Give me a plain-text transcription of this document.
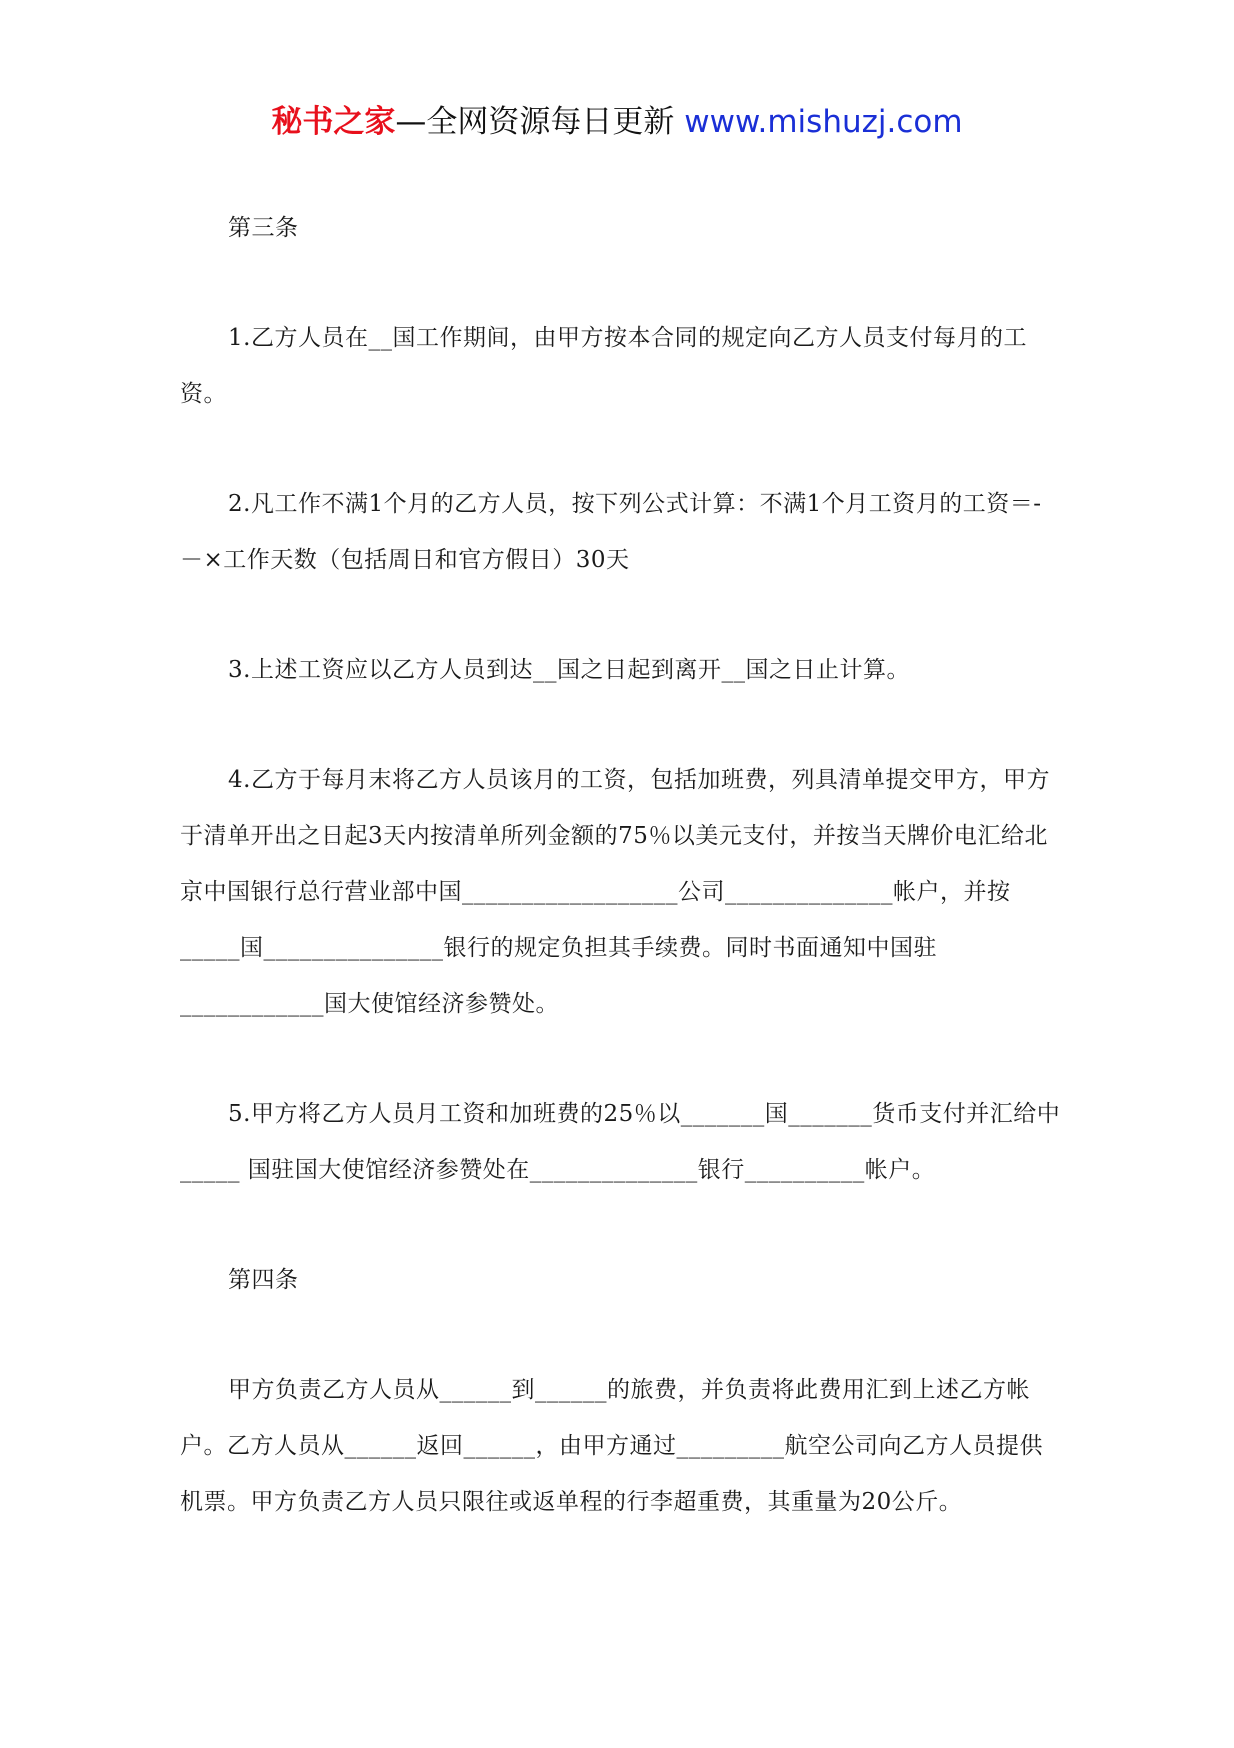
秘书之家—全网资源每日更新 www.mishuzj.com

第三条

1.乙方人员在__国工作期间，由甲方按本合同的规定向乙方人员支付每月的工资。

2.凡工作不满1个月的乙方人员，按下列公式计算：不满1个月工资月的工资＝-－×工作天数（包括周日和官方假日）30天

3.上述工资应以乙方人员到达__国之日起到离开__国之日止计算。

4.乙方于每月末将乙方人员该月的工资，包括加班费，列具清单提交甲方，甲方于清单开出之日起3天内按清单所列金额的75％以美元支付，并按当天牌价电汇给北京中国银行总行营业部中国__________________公司______________帐户，并按_____国_______________银行的规定负担其手续费。同时书面通知中国驻____________国大使馆经济参赞处。

5.甲方将乙方人员月工资和加班费的25％以_______国_______货币支付并汇给中_____ 国驻国大使馆经济参赞处在______________银行__________帐户。

第四条

甲方负责乙方人员从______到______的旅费，并负责将此费用汇到上述乙方帐户。乙方人员从______返回______，由甲方通过_________航空公司向乙方人员提供机票。甲方负责乙方人员只限往或返单程的行李超重费，其重量为20公斤。
